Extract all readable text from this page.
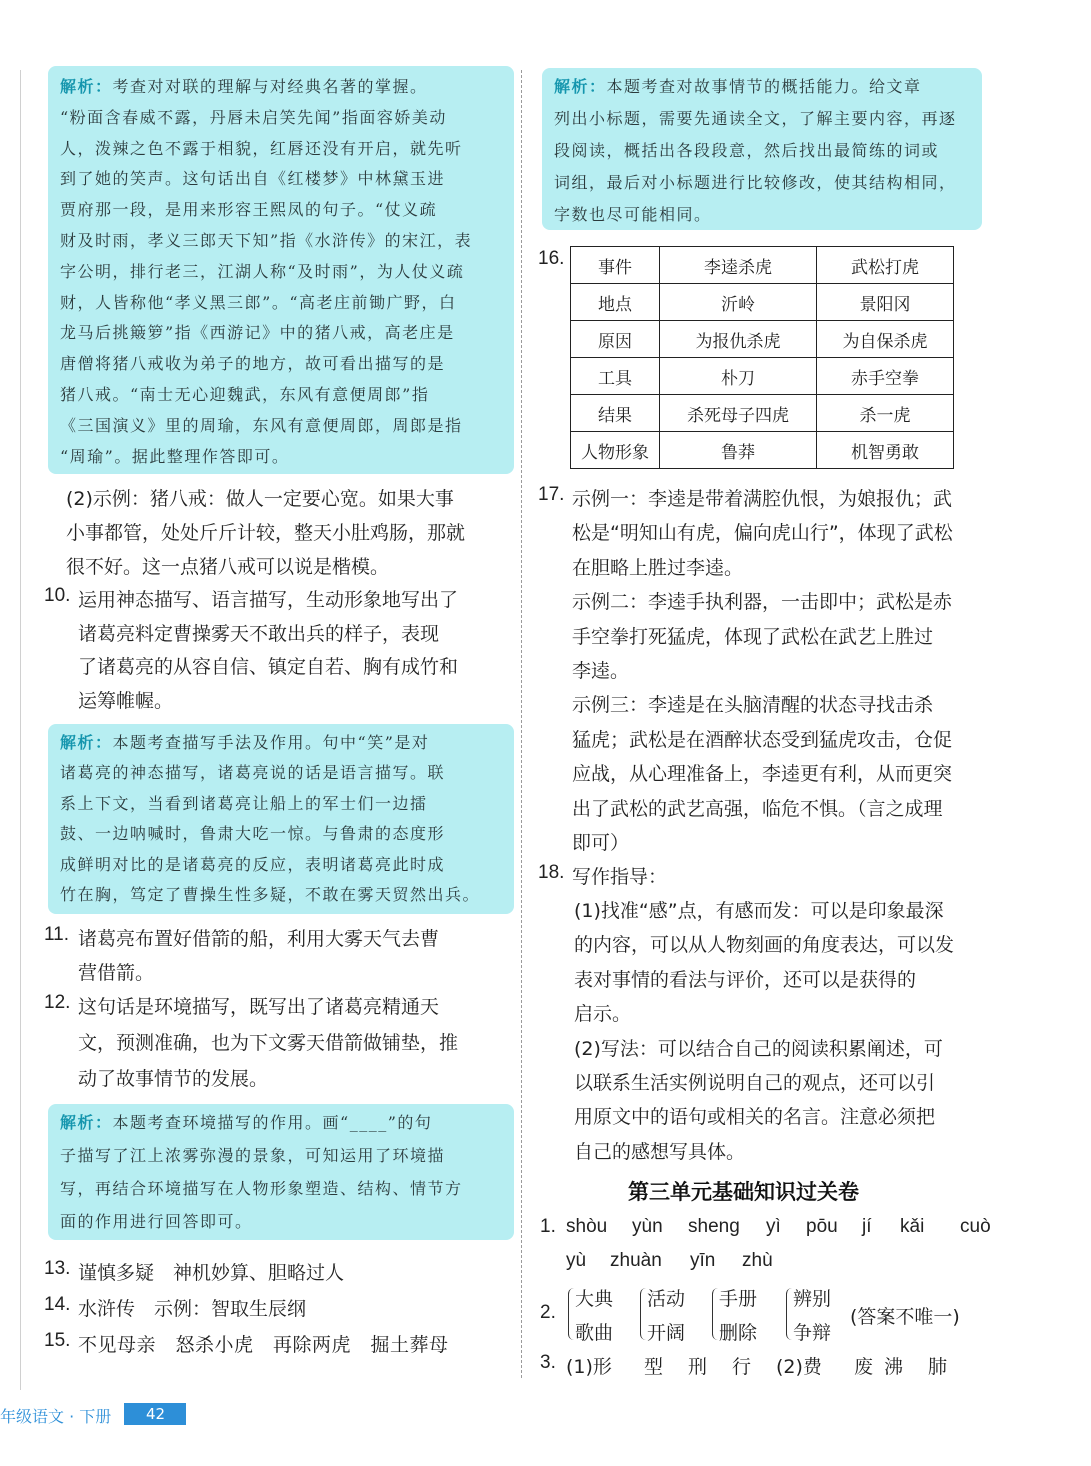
解析：考查对对联的理解与对经典名著的掌握。
“粉面含春威不露，丹唇未启笑先闻”指面容娇美动
人，泼辣之色不露于相貌，红唇还没有开启，就先听
到了她的笑声。这句话出自《红楼梦》中林黛玉进
贾府那一段，是用来形容王熙凤的句子。“仗义疏
财及时雨，孝义三郎天下知”指《水浒传》的宋江，表
字公明，排行老三，江湖人称“及时雨”，为人仗义疏
财，人皆称他“孝义黑三郎”。“高老庄前锄广野，白
龙马后挑簸箩”指《西游记》中的猪八戒，高老庄是
唐僧将猪八戒收为弟子的地方，故可看出描写的是
猪八戒。“南士无心迎魏武，东风有意便周郎”指
《三国演义》里的周瑜，东风有意便周郎，周郎是指
“周瑜”。据此整理作答即可。
(2)示例：猪八戒：做人一定要心宽。如果大事
小事都管，处处斤斤计较，整天小肚鸡肠，那就
很不好。这一点猪八戒可以说是楷模。
10. 运用神态描写、语言描写，生动形象地写出了
诸葛亮料定曹操雾天不敢出兵的样子，表现
了诸葛亮的从容自信、镇定自若、胸有成竹和
运筹帷幄。
解析：本题考查描写手法及作用。句中“笑”是对
诸葛亮的神态描写，诸葛亮说的话是语言描写。联
系上下文，当看到诸葛亮让船上的军士们一边擂
鼓、一边呐喊时，鲁肃大吃一惊。与鲁肃的态度形
成鲜明对比的是诸葛亮的反应，表明诸葛亮此时成
竹在胸，笃定了曹操生性多疑，不敢在雾天贸然出兵。
11. 诸葛亮布置好借箭的船，利用大雾天气去曹
营借箭。
12. 这句话是环境描写，既写出了诸葛亮精通天
文，预测准确，也为下文雾天借箭做铺垫，推
动了故事情节的发展。
解析：本题考查环境描写的作用。画“____”的句
子描写了江上浓雾弥漫的景象，可知运用了环境描
写，再结合环境描写在人物形象塑造、结构、情节方
面的作用进行回答即可。
13. 谨慎多疑　神机妙算、胆略过人
14. 水浒传　示例：智取生辰纲
15. 不见母亲　怒杀小虎　再除两虎　掘土葬母
解析：本题考查对故事情节的概括能力。给文章
列出小标题，需要先通读全文，了解主要内容，再逐
段阅读，概括出各段段意，然后找出最简练的词或
词组，最后对小标题进行比较修改，使其结构相同，
字数也尽可能相同。
16. 事件	李逵杀虎	武松打虎
地点	沂岭	景阳冈
原因	为报仇杀虎	为自保杀虎
工具	朴刀	赤手空拳
结果	杀死母子四虎	杀一虎
人物形象	鲁莽	机智勇敢
17. 示例一：李逵是带着满腔仇恨，为娘报仇；武
松是“明知山有虎，偏向虎山行”，体现了武松
在胆略上胜过李逵。
示例二：李逵手执利器，一击即中；武松是赤
手空拳打死猛虎，体现了武松在武艺上胜过
李逵。
示例三：李逵是在头脑清醒的状态寻找击杀
猛虎；武松是在酒醉状态受到猛虎攻击，仓促
应战，从心理准备上，李逵更有利，从而更突
出了武松的武艺高强，临危不惧。（言之成理
即可）
18. 写作指导：
(1)找准“感”点，有感而发：可以是印象最深
的内容，可以从人物刻画的角度表达，可以发
表对事情的看法与评价，还可以是获得的
启示。
(2)写法：可以结合自己的阅读积累阐述，可
以联系生活实例说明自己的观点，还可以引
用原文中的语句或相关的名言。注意必须把
自己的感想写具体。
第三单元基础知识过关卷
1. shòu yùn sheng yì pōu jí kǎi cuò
yù zhuàn yīn zhù
2.
大典
歌曲
活动
开阔
手册
删除
辨别
争辩
(答案不唯一)
3. (1)形 型 刑 行 (2)费 废 沸 肺
年级语文 · 下册	42
